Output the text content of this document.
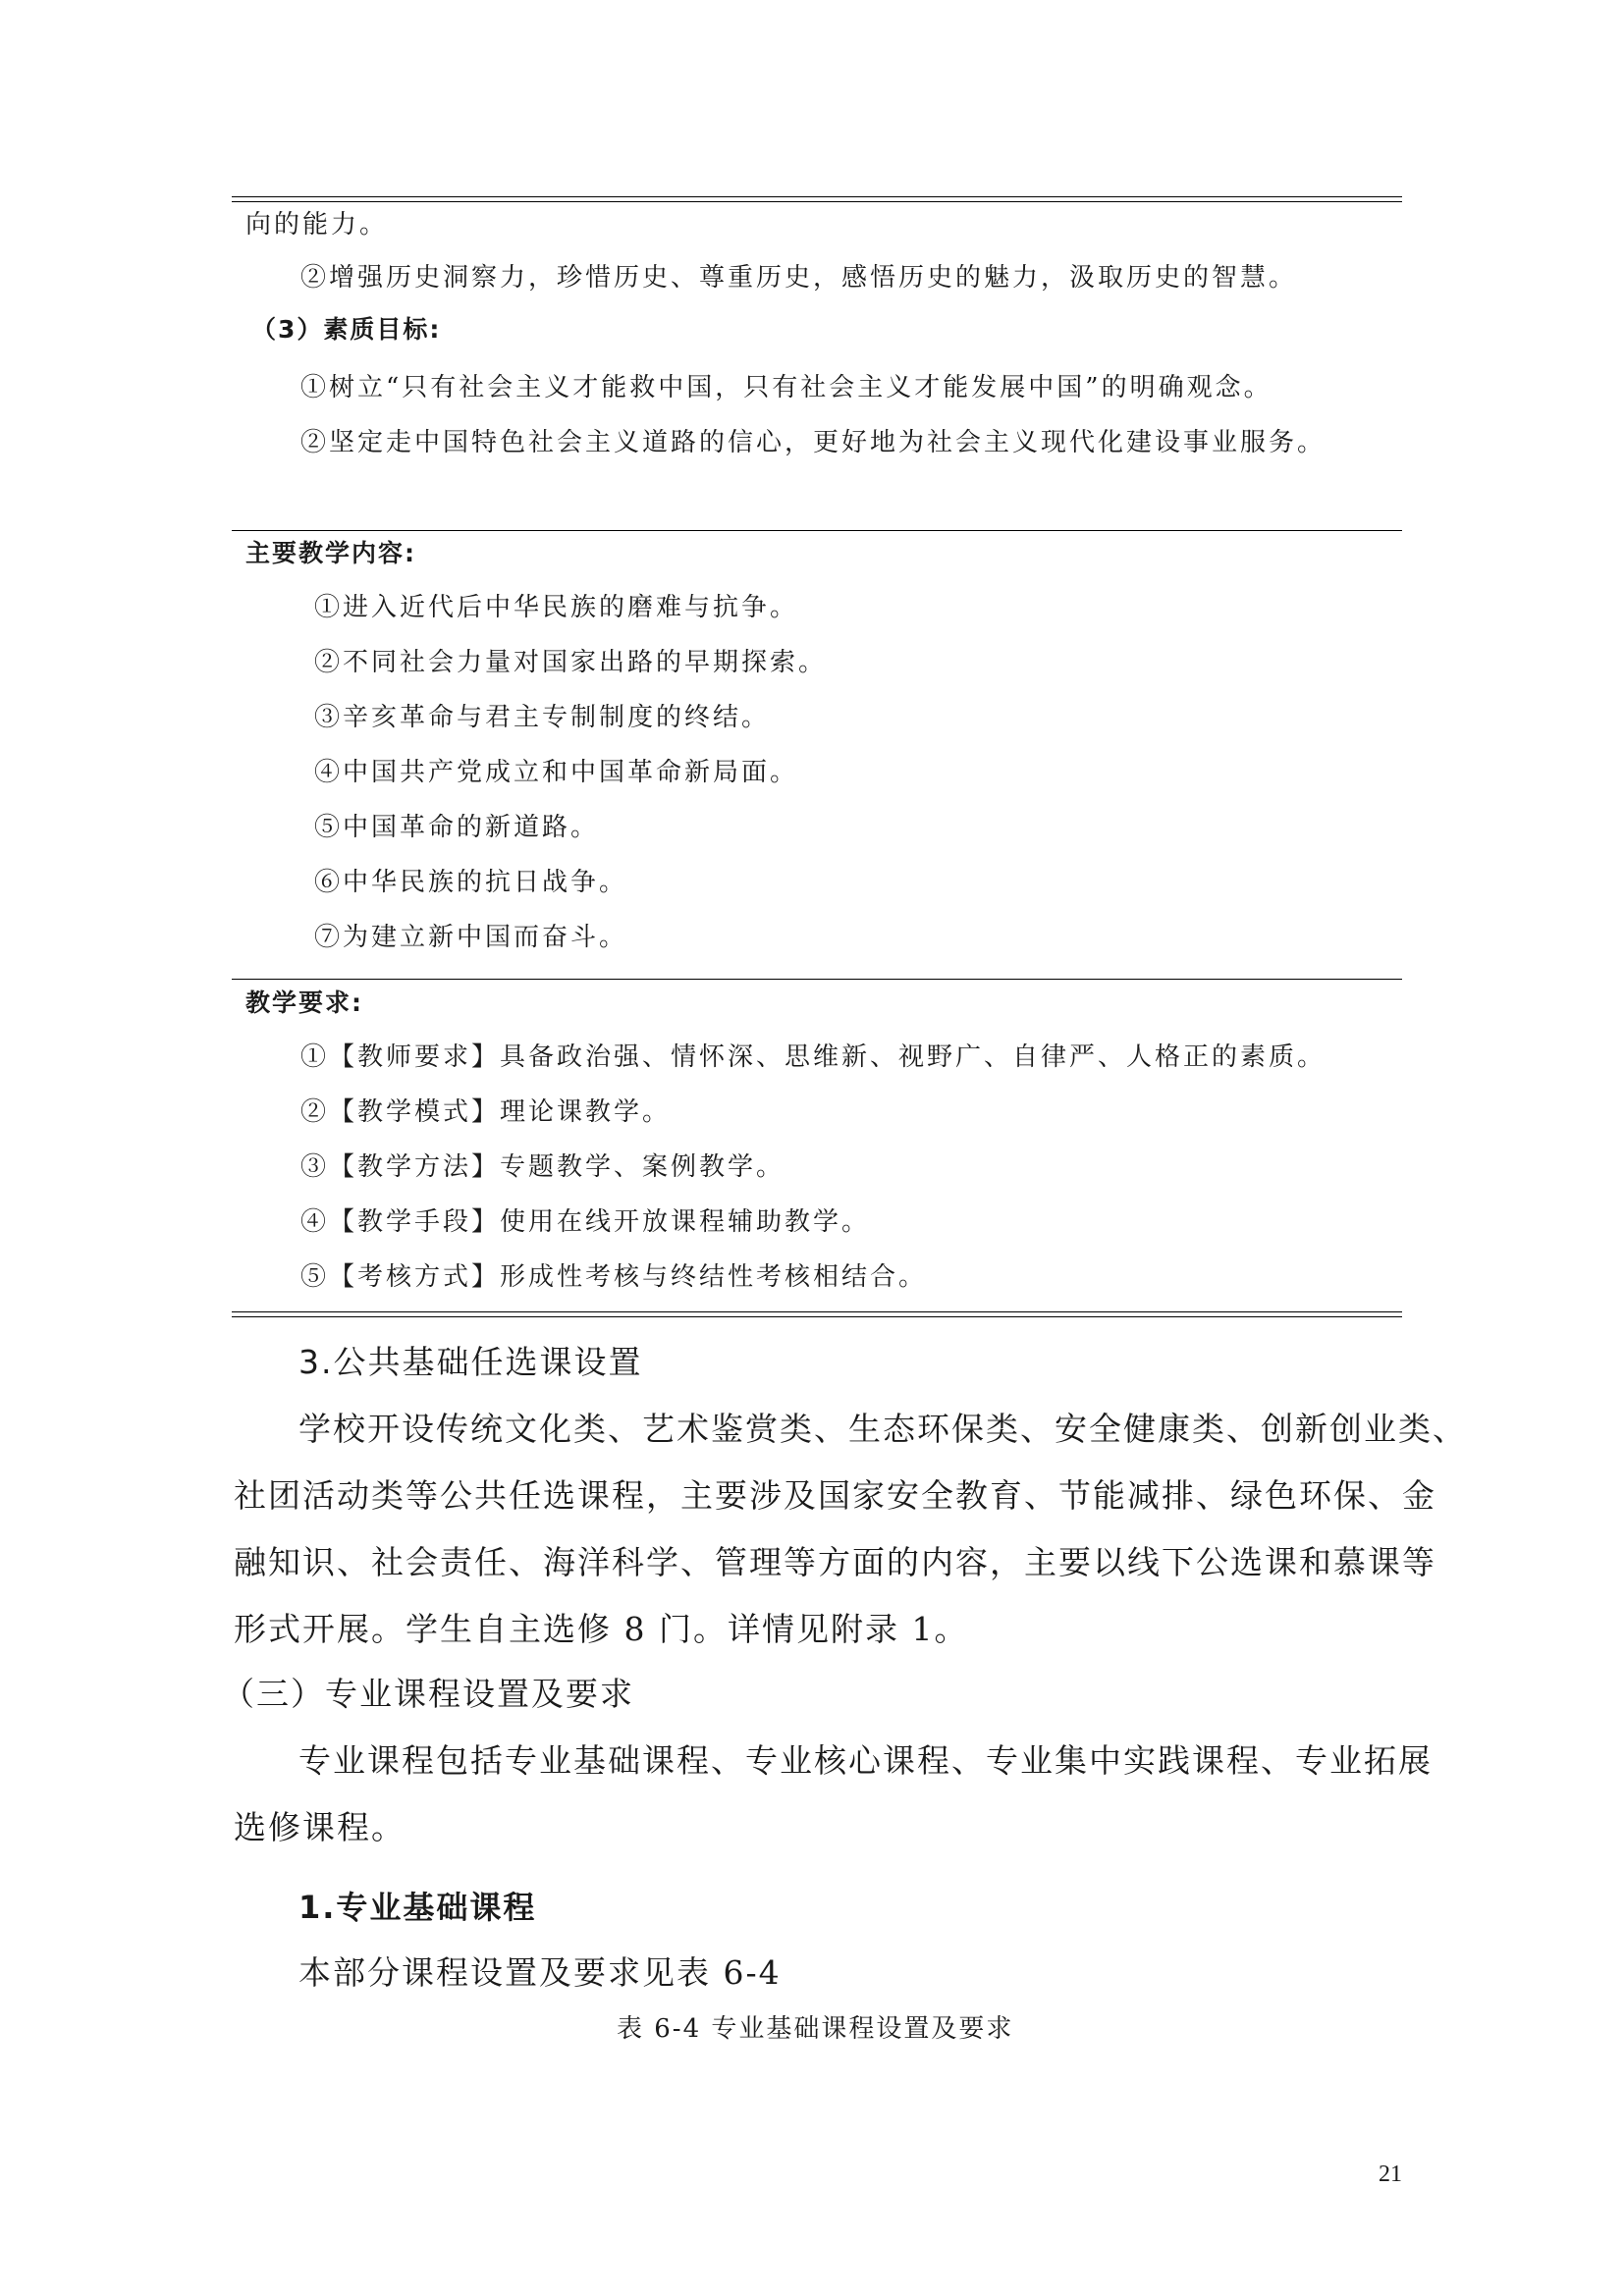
向的能力。
②增强历史洞察力，珍惜历史、尊重历史，感悟历史的魅力，汲取历史的智慧。
（3）素质目标:
①树立“只有社会主义才能救中国，只有社会主义才能发展中国”的明确观念。
②坚定走中国特色社会主义道路的信心，更好地为社会主义现代化建设事业服务。
主要教学内容:
①进入近代后中华民族的磨难与抗争。
②不同社会力量对国家出路的早期探索。
③辛亥革命与君主专制制度的终结。
④中国共产党成立和中国革命新局面。
⑤中国革命的新道路。
⑥中华民族的抗日战争。
⑦为建立新中国而奋斗。
教学要求:
①【教师要求】具备政治强、情怀深、思维新、视野广、自律严、人格正的素质。
②【教学模式】理论课教学。
③【教学方法】专题教学、案例教学。
④【教学手段】使用在线开放课程辅助教学。
⑤【考核方式】形成性考核与终结性考核相结合。
3.公共基础任选课设置
学校开设传统文化类、艺术鉴赏类、生态环保类、安全健康类、创新创业类、
社团活动类等公共任选课程，主要涉及国家安全教育、节能减排、绿色环保、金
融知识、社会责任、海洋科学、管理等方面的内容，主要以线下公选课和慕课等
形式开展。学生自主选修 8 门。详情见附录 1。
（三）专业课程设置及要求
专业课程包括专业基础课程、专业核心课程、专业集中实践课程、专业拓展
选修课程。
1.专业基础课程
本部分课程设置及要求见表 6-4
表 6-4 专业基础课程设置及要求
21
